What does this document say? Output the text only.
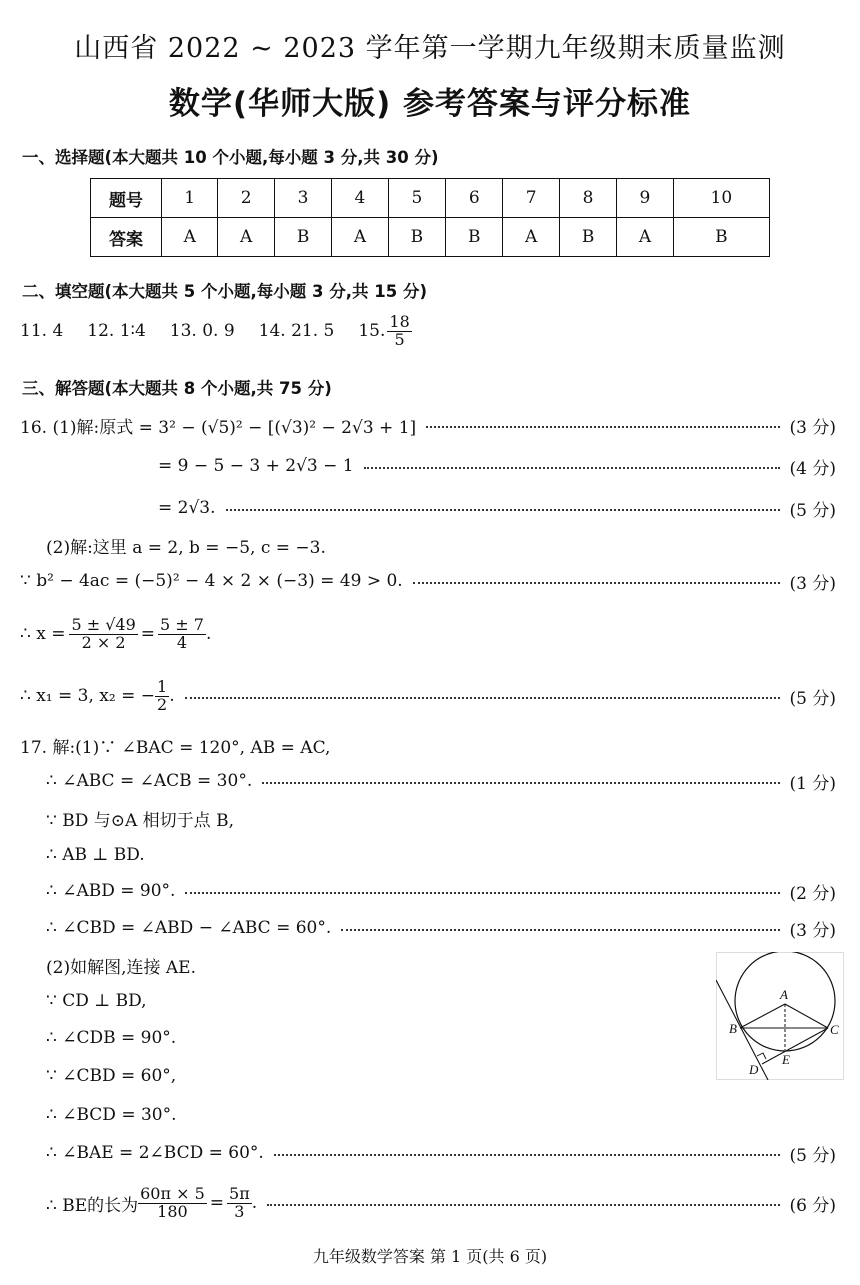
山西省 2022 ~ 2023 学年第一学期九年级期末质量监测
数学(华师大版) 参考答案与评分标准
一、选择题(本大题共 10 个小题,每小题 3 分,共 30 分)
题号	1	2	3	4	5	6	7	8	9	10
答案	A	A	B	A	B	B	A	B	A	B
二、填空题(本大题共 5 个小题,每小题 3 分,共 15 分)
11. 4 12. 1∶4 13. 0. 9 14. 21. 5 15. $\frac{18}{5}$
三、解答题(本大题共 8 个小题,共 75 分)
16. (1)解:原式 = 3² − (√5)² − [(√3)² − 2√3 + 1]	(3 分)
= 9 − 5 − 3 + 2√3 − 1	(4 分)
= 2√3.	(5 分)
(2)解:这里 a = 2, b = −5, c = −3.
∵ b² − 4ac = (−5)² − 4 × 2 × (−3) = 49 > 0.	(3 分)
∴ $x = \frac{5 \pm √49}{2 \times 2} = \frac{5 \pm 7}{4}$ .
∴ x₁ = 3, x₂ = − $\frac{1}{2}$ .	(5 分)
17. 解:(1)∵ ∠BAC = 120°, AB = AC,
∴ ∠ABC = ∠ACB = 30°.	(1 分)
∵ BD 与⊙A 相切于点 B,
∴ AB ⊥ BD.
∴ ∠ABD = 90°.	(2 分)
∴ ∠CBD = ∠ABD − ∠ABC = 60°.	(3 分)
(2)如解图,连接 AE.
∵ CD ⊥ BD,
∴ ∠CDB = 90°.
∵ ∠CBD = 60°,
∴ ∠BCD = 30°.
∴ ∠BAE = 2∠BCD = 60°.	(5 分)
∴ BE的长为 $\frac{60\pi \times 5}{180} = \frac{5\pi}{3}$ .	(6 分)
A
B	C
D
E
九年级数学答案 第 1 页(共 6 页)
